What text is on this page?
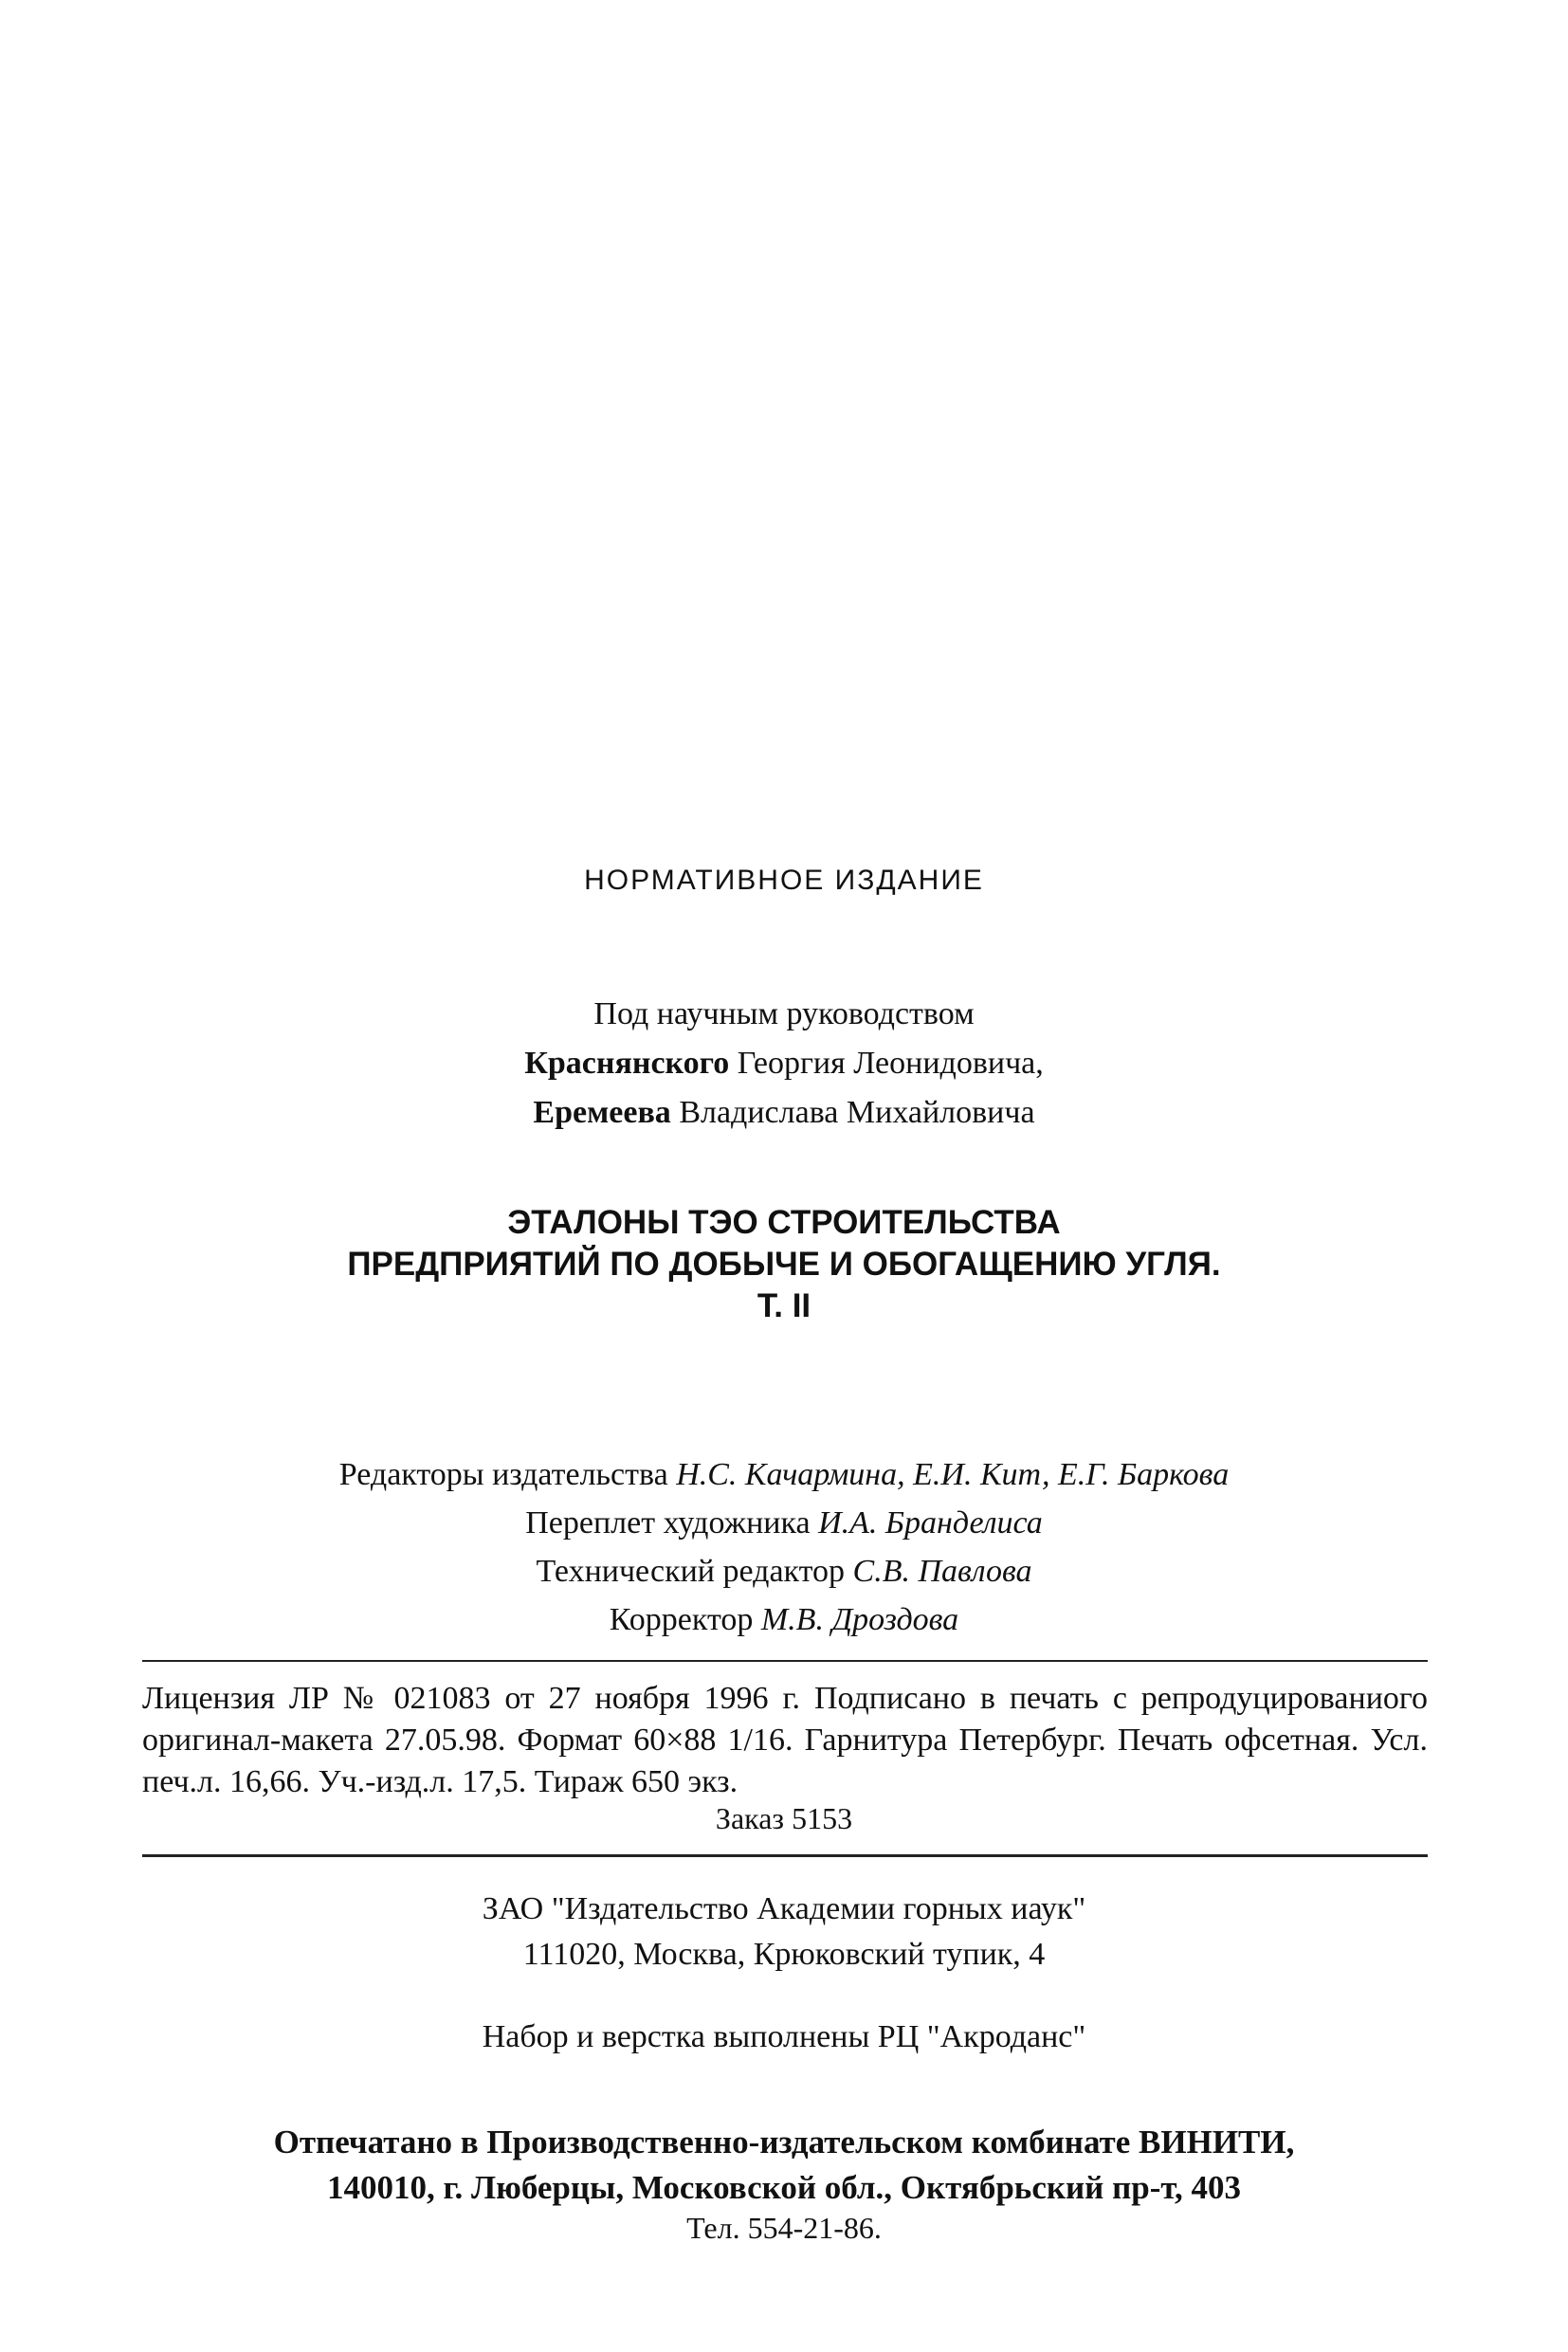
НОРМАТИВНОЕ ИЗДАНИЕ
Под научным руководством
Краснянского Георгия Леонидовича,
Еремеева Владислава Михайловича
ЭТАЛОНЫ ТЭО СТРОИТЕЛЬСТВА
ПРЕДПРИЯТИЙ ПО ДОБЫЧЕ И ОБОГАЩЕНИЮ УГЛЯ.
Т. II
Редакторы издательства Н.С. Качармина, Е.И. Кит, Е.Г. Баркова
Переплет художника И.А. Бранделиса
Технический редактор С.В. Павлова
Корректор М.В. Дроздова
Лицензия ЛР № 021083 от 27 ноября 1996 г. Подписано в печать с репродуцированиого оригинал-макета 27.05.98. Формат 60×88 1/16. Гарнитура Петербург. Печать офсетная. Усл. печ.л. 16,66. Уч.-изд.л. 17,5. Тираж 650 экз.
Заказ 5153
ЗАО "Издательство Академии горных иаук"
111020, Москва, Крюковский тупик, 4
Набор и верстка выполнены РЦ "Акроданс"
Отпечатано в Производственно-издательском комбинате ВИНИТИ,
140010, г. Люберцы, Московской обл., Октябрьский пр-т, 403
Тел. 554-21-86.
